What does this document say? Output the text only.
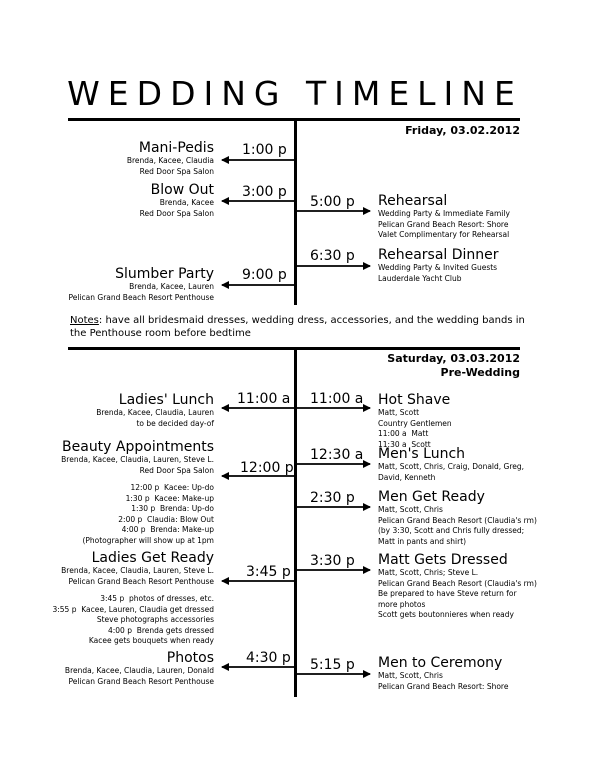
WEDDING TIMELINE
Friday, 03.02.2012
Mani-Pedis
Brenda, Kacee, Claudia
Red Door Spa Salon
1:00 p
Blow Out
Brenda, Kacee
Red Door Spa Salon
3:00 p
Slumber Party
Brenda, Kacee, Lauren
Pelican Grand Beach Resort Penthouse
9:00 p
5:00 p Rehearsal
Wedding Party & Immediate Family
Pelican Grand Beach Resort: Shore
Valet Complimentary for Rehearsal
6:30 p Rehearsal Dinner
Wedding Party & Invited Guests
Lauderdale Yacht Club
Notes: have all bridesmaid dresses, wedding dress, accessories, and the wedding bands in the Penthouse room before bedtime
Saturday, 03.03.2012
Pre-Wedding
Ladies' Lunch
Brenda, Kacee, Claudia, Lauren
to be decided day-of
11:00 a
Beauty Appointments
Brenda, Kacee, Claudia, Lauren, Steve L.
Red Door Spa Salon 12:00 p
12:00 p  Kacee: Up-do
1:30 p  Kacee: Make-up
1:30 p  Brenda: Up-do
2:00 p  Claudia: Blow Out
4:00 p  Brenda: Make-up
(Photographer will show up at 1pm
Ladies Get Ready
Brenda, Kacee, Claudia, Lauren, Steve L.
Pelican Grand Beach Resort Penthouse
3:45 p
3:45 p  photos of dresses, etc.
3:55 p  Kacee, Lauren, Claudia get dressed
Steve photographs accessories
4:00 p  Brenda gets dressed
Kacee gets bouquets when ready
Photos
Brenda, Kacee, Claudia, Lauren, Donald
Pelican Grand Beach Resort Penthouse
4:30 p
11:00 a Hot Shave
Matt, Scott
Country Gentlemen
11:00 a  Matt
11:30 a  Scott
12:30 a Men's Lunch
Matt, Scott, Chris, Craig, Donald, Greg,
David, Kenneth
2:30 p Men Get Ready
Matt, Scott, Chris
Pelican Grand Beach Resort (Claudia's rm)
(by 3:30, Scott and Chris fully dressed;
Matt in pants and shirt)
3:30 p Matt Gets Dressed
Matt, Scott, Chris; Steve L.
Pelican Grand Beach Resort (Claudia's rm)
Be prepared to have Steve return for
more photos
Scott gets boutonnieres when ready
5:15 p Men to Ceremony
Matt, Scott, Chris
Pelican Grand Beach Resort: Shore
